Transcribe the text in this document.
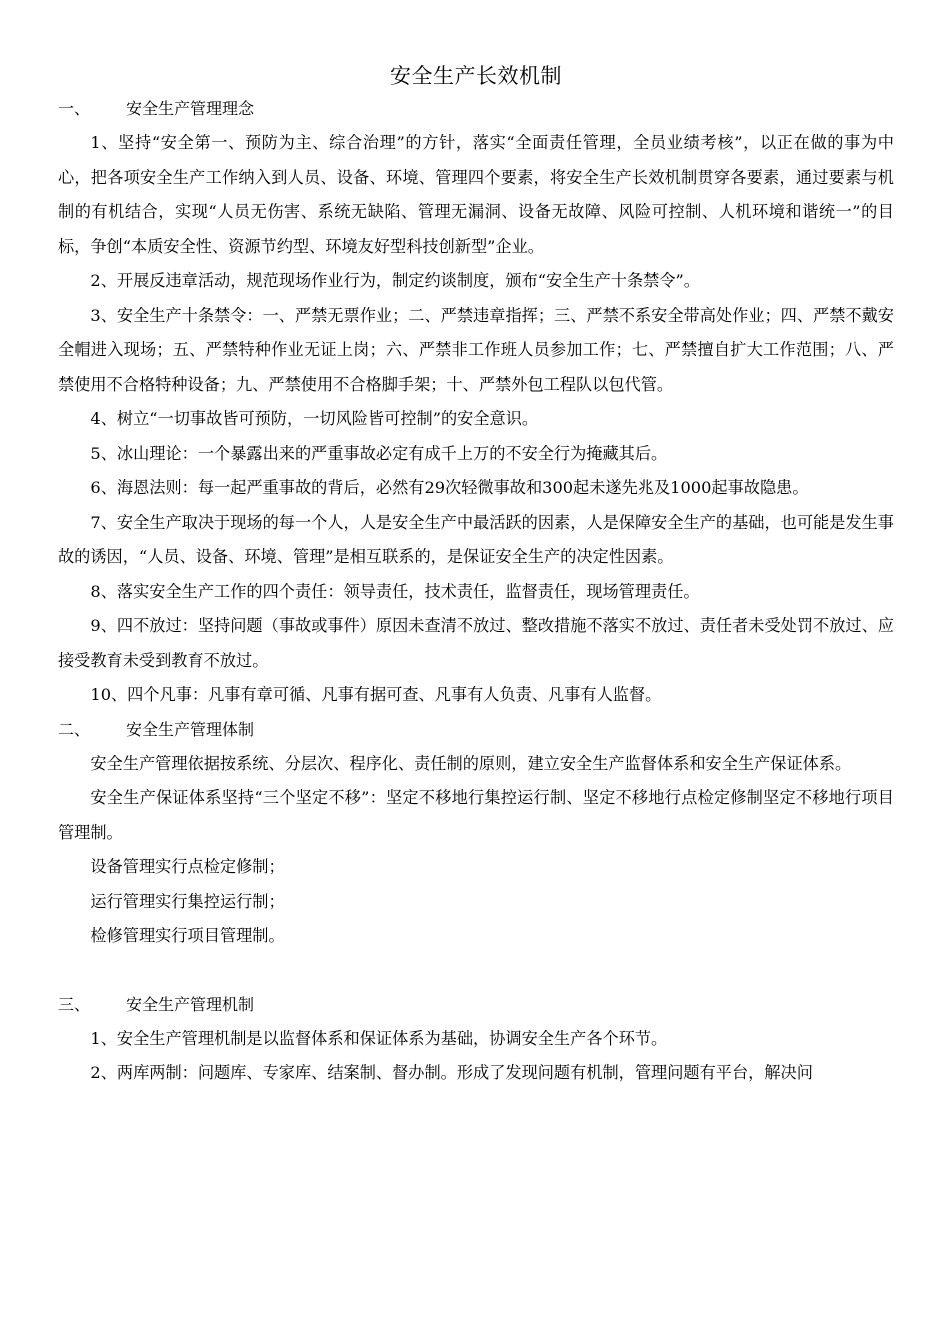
安全生产长效机制
一、 安全生产管理理念

1、坚持“安全第一、预防为主、综合治理”的方针，落实“全面责任管理，全员业绩考核”，以正在做的事为中心，把各项安全生产工作纳入到人员、设备、环境、管理四个要素，将安全生产长效机制贯穿各要素，通过要素与机制的有机结合，实现“人员无伤害、系统无缺陷、管理无漏洞、设备无故障、风险可控制、人机环境和谐统一”的目标，争创“本质安全性、资源节约型、环境友好型科技创新型”企业。

2、开展反违章活动，规范现场作业行为，制定约谈制度，颁布“安全生产十条禁令”。

3、安全生产十条禁令：一、严禁无票作业；二、严禁违章指挥；三、严禁不系安全带高处作业；四、严禁不戴安全帽进入现场；五、严禁特种作业无证上岗；六、严禁非工作班人员参加工作；七、严禁擅自扩大工作范围；八、严禁使用不合格特种设备；九、严禁使用不合格脚手架；十、严禁外包工程队以包代管。

4、树立“一切事故皆可预防，一切风险皆可控制”的安全意识。

5、冰山理论：一个暴露出来的严重事故必定有成千上万的不安全行为掩藏其后。

6、海恩法则：每一起严重事故的背后，必然有29次轻微事故和300起未遂先兆及1000起事故隐患。

7、安全生产取决于现场的每一个人，人是安全生产中最活跃的因素，人是保障安全生产的基础，也可能是发生事故的诱因，“人员、设备、环境、管理”是相互联系的，是保证安全生产的决定性因素。

8、落实安全生产工作的四个责任：领导责任，技术责任，监督责任，现场管理责任。

9、四不放过：坚持问题（事故或事件）原因未查清不放过、整改措施不落实不放过、责任者未受处罚不放过、应接受教育未受到教育不放过。

10、四个凡事：凡事有章可循、凡事有据可查、凡事有人负责、凡事有人监督。

二、 安全生产管理体制

安全生产管理依据按系统、分层次、程序化、责任制的原则，建立安全生产监督体系和安全生产保证体系。

安全生产保证体系坚持“三个坚定不移”：坚定不移地行集控运行制、坚定不移地行点检定修制坚定不移地行项目管理制。

设备管理实行点检定修制；

运行管理实行集控运行制；

检修管理实行项目管理制。

三、 安全生产管理机制

1、安全生产管理机制是以监督体系和保证体系为基础，协调安全生产各个环节。

2、两库两制：问题库、专家库、结案制、督办制。形成了发现问题有机制，管理问题有平台，解决问
